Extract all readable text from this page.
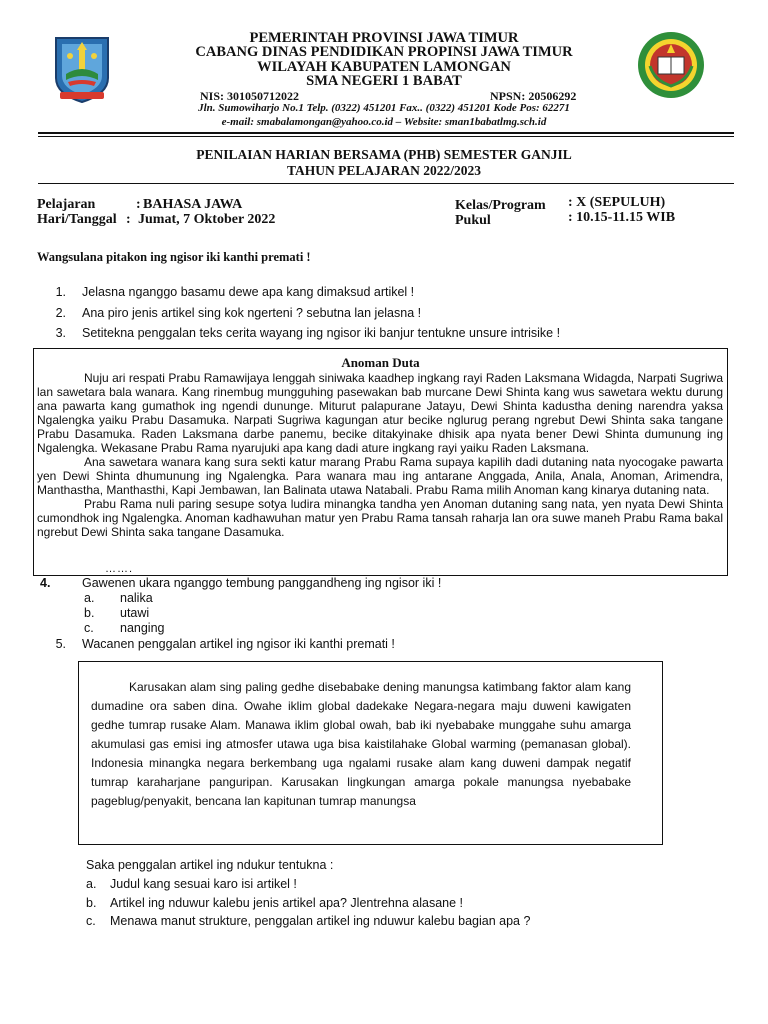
PEMERINTAH PROVINSI JAWA TIMUR
CABANG DINAS PENDIDIKAN PROPINSI JAWA TIMUR
WILAYAH KABUPATEN LAMONGAN
SMA NEGERI 1 BABAT
NIS: 301050712022	NPSN: 20506292
Jln. Sumowiharjo No.1 Telp. (0322) 451201 Fax.. (0322) 451201 Kode Pos: 62271
e-mail: smabalamongan@yahoo.co.id – Website: sman1babatlmg.sch.id
PENILAIAN HARIAN BERSAMA (PHB) SEMESTER GANJIL
TAHUN PELAJARAN 2022/2023
Pelajaran	: BAHASA JAWA
Hari/Tanggal : Jumat, 7 Oktober 2022
Kelas/Program : X (SEPULUH)
Pukul	: 10.15-11.15 WIB
Wangsulana pitakon ing ngisor iki kanthi premati !
1. Jelasna nganggo basamu dewe apa kang dimaksud artikel !
2. Ana piro jenis artikel sing kok ngerteni ? sebutna lan jelasna !
3. Setitekna penggalan teks cerita wayang ing ngisor iki banjur tentukne unsure intrisike !
Anoman Duta

Nuju ari respati Prabu Ramawijaya lenggah siniwaka kaadhep ingkang rayi Raden Laksmana Widagda, Narpati Sugriwa lan sawetara bala wanara. Kang rinembug mungguhing pasewakan bab murcane Dewi Shinta kang wus sawetara wektu durung ana pawarta kang gumathok ing ngendi dununge. Miturut palapurane Jatayu, Dewi Shinta kadustha dening narendra yaksa Ngalengka yaiku Prabu Dasamuka. Narpati Sugriwa kagungan atur becike nglurug perang ngrebut Dewi Shinta saka tangane Prabu Dasamuka. Raden Laksmana darbe panemu, becike ditakyinake dhisik apa nyata bener Dewi Shinta dumunung ing Ngalengka. Wekasane Prabu Rama nyarujuki apa kang dadi ature ingkang rayi yaiku Raden Laksmana.

Ana sawetara wanara kang sura sekti katur marang Prabu Rama supaya kapilih dadi dutaning nata nyocogake pawarta yen Dewi Shinta dhumunung ing Ngalengka. Para wanara mau ing antarane Anggada, Anila, Anala, Anoman, Arimendra, Manthastha, Manthasthi, Kapi Jembawan, lan Balinata utawa Natabali. Prabu Rama milih Anoman kang kinarya dutaning nata.

Prabu Rama nuli paring sesupe sotya ludira minangka tandha yen Anoman dutaning sang nata, yen nyata Dewi Shinta cumondhok ing Ngalengka. Anoman kadhawuhan matur yen Prabu Rama tansah raharja lan ora suwe maneh Prabu Rama bakal ngrebut Dewi Shinta saka tangane Dasamuka.

…….
4.	Gawenen ukara nganggo tembung panggandheng ing ngisor iki !
a. nalika
b. utawi
c. nanging
5. Wacanen penggalan artikel ing ngisor iki kanthi premati !

Karusakan alam sing paling gedhe disebabake dening manungsa katimbang faktor alam kang dumadine ora saben dina. Owahe iklim global dadekake Negara-negara maju duweni kawigaten gedhe tumrap rusake Alam. Manawa iklim global owah, bab iki nyebabake munggahe suhu amarga akumulasi gas emisi ing atmosfer utawa uga bisa kaistilahake Global warming (pemanasan global). Indonesia minangka negara berkembang uga ngalami rusake alam kang duweni dampak negatif tumrap karaharjane panguripan. Karusakan lingkungan amarga pokale manungsa nyebabake pageblug/penyakit, bencana lan kapitunan tumrap manungsa

Saka penggalan artikel ing ndukur tentukna :
a. Judul kang sesuai karo isi artikel !
b. Artikel ing nduwur kalebu jenis artikel apa? Jlentrehna alasane !
c. Menawa manut strukture, penggalan artikel ing nduwur kalebu bagian apa ?
